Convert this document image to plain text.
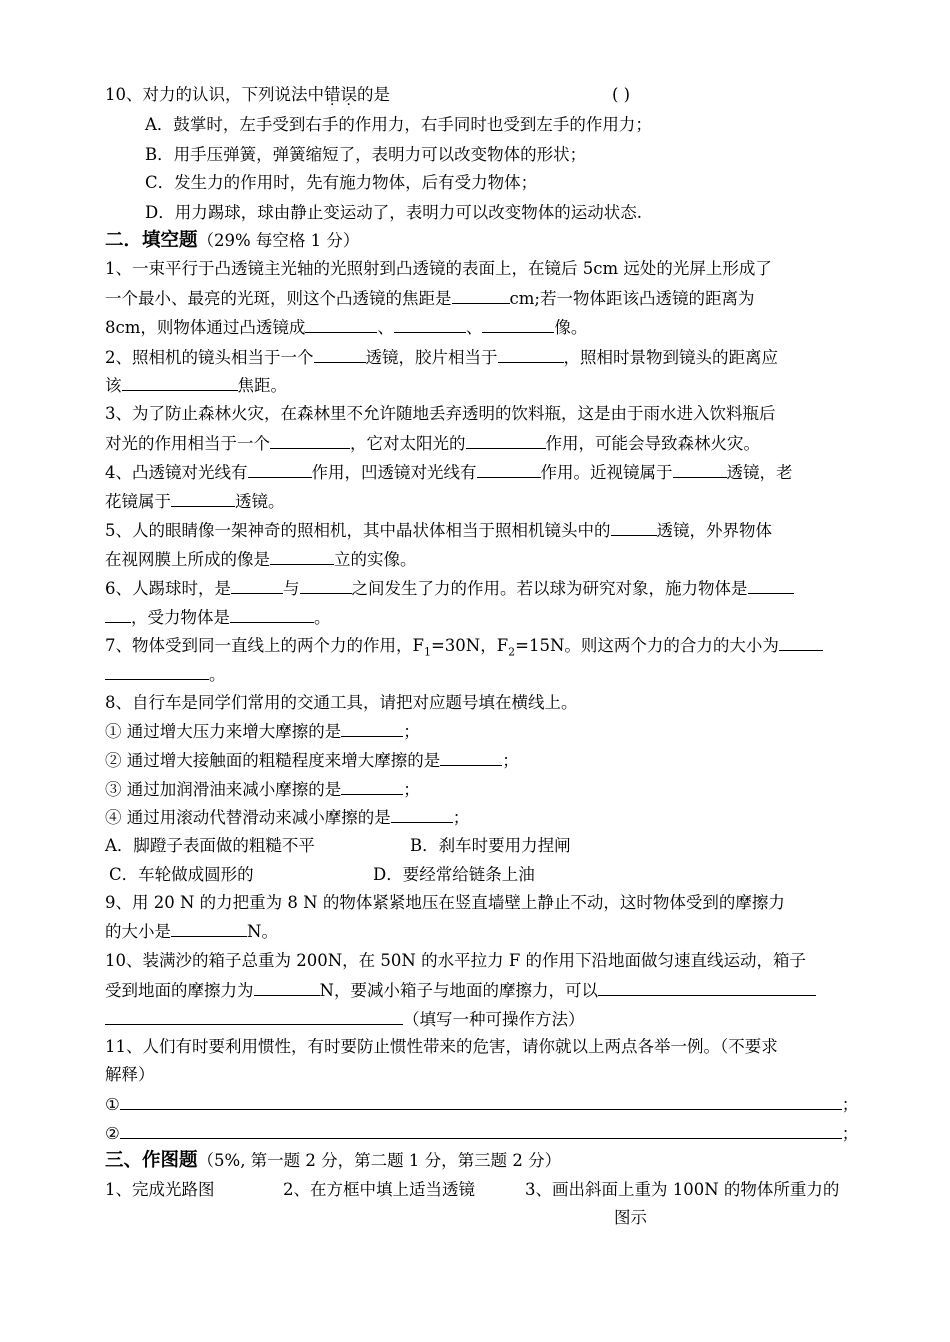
10、对力的认识，下列说法中错误的是	( )
A．鼓掌时，左手受到右手的作用力，右手同时也受到左手的作用力；
B．用手压弹簧，弹簧缩短了，表明力可以改变物体的形状；
C．发生力的作用时，先有施力物体，后有受力物体；
D．用力踢球，球由静止变运动了，表明力可以改变物体的运动状态.
二．填空题（29% 每空格 1 分）
1、一束平行于凸透镜主光轴的光照射到凸透镜的表面上，在镜后 5cm 远处的光屏上形成了
一个最小、最亮的光斑，则这个凸透镜的焦距是	cm;若一物体距该凸透镜的距离为
8cm，则物体通过凸透镜成	、	、	像。
2、照相机的镜头相当于一个	透镜，胶片相当于	，照相时景物到镜头的距离应
该	焦距。
3、为了防止森林火灾，在森林里不允许随地丢弃透明的饮料瓶，这是由于雨水进入饮料瓶后
对光的作用相当于一个	，它对太阳光的	作用，可能会导致森林火灾。
4、凸透镜对光线有	作用，凹透镜对光线有	作用。近视镜属于	透镜，老
花镜属于	透镜。
5、人的眼睛像一架神奇的照相机，其中晶状体相当于照相机镜头中的	透镜，外界物体
在视网膜上所成的像是	立的实像。
6、人踢球时，是	与	之间发生了力的作用。若以球为研究对象，施力物体是
，受力物体是	。
7、物体受到同一直线上的两个力的作用，$F_1=30N$，$F_2=15N$。则这两个力的合力的大小为
。
8、自行车是同学们常用的交通工具，请把对应题号填在横线上。
① 通过增大压力来增大摩擦的是	；
② 通过增大接触面的粗糙程度来增大摩擦的是	；
③ 通过加润滑油来减小摩擦的是	；
④ 通过用滚动代替滑动来减小摩擦的是	；
A．脚蹬子表面做的粗糙不平	B．刹车时要用力捏闸
C．车轮做成圆形的	D．要经常给链条上油
9、用 20 N 的力把重为 8 N 的物体紧紧地压在竖直墙壁上静止不动，这时物体受到的摩擦力
的大小是	N。
10、装满沙的箱子总重为 200N，在 50N 的水平拉力 F 的作用下沿地面做匀速直线运动，箱子
受到地面的摩擦力为	N，要减小箱子与地面的摩擦力，可以
（填写一种可操作方法）
11、人们有时要利用惯性，有时要防止惯性带来的危害，请你就以上两点各举一例。（不要求
解释）
①	；
②	；
三、作图题（5%, 第一题 2 分，第二题 1 分，第三题 2 分）
1、完成光路图	2、在方框中填上适当透镜	3、画出斜面上重为 100N 的物体所重力的
图示
